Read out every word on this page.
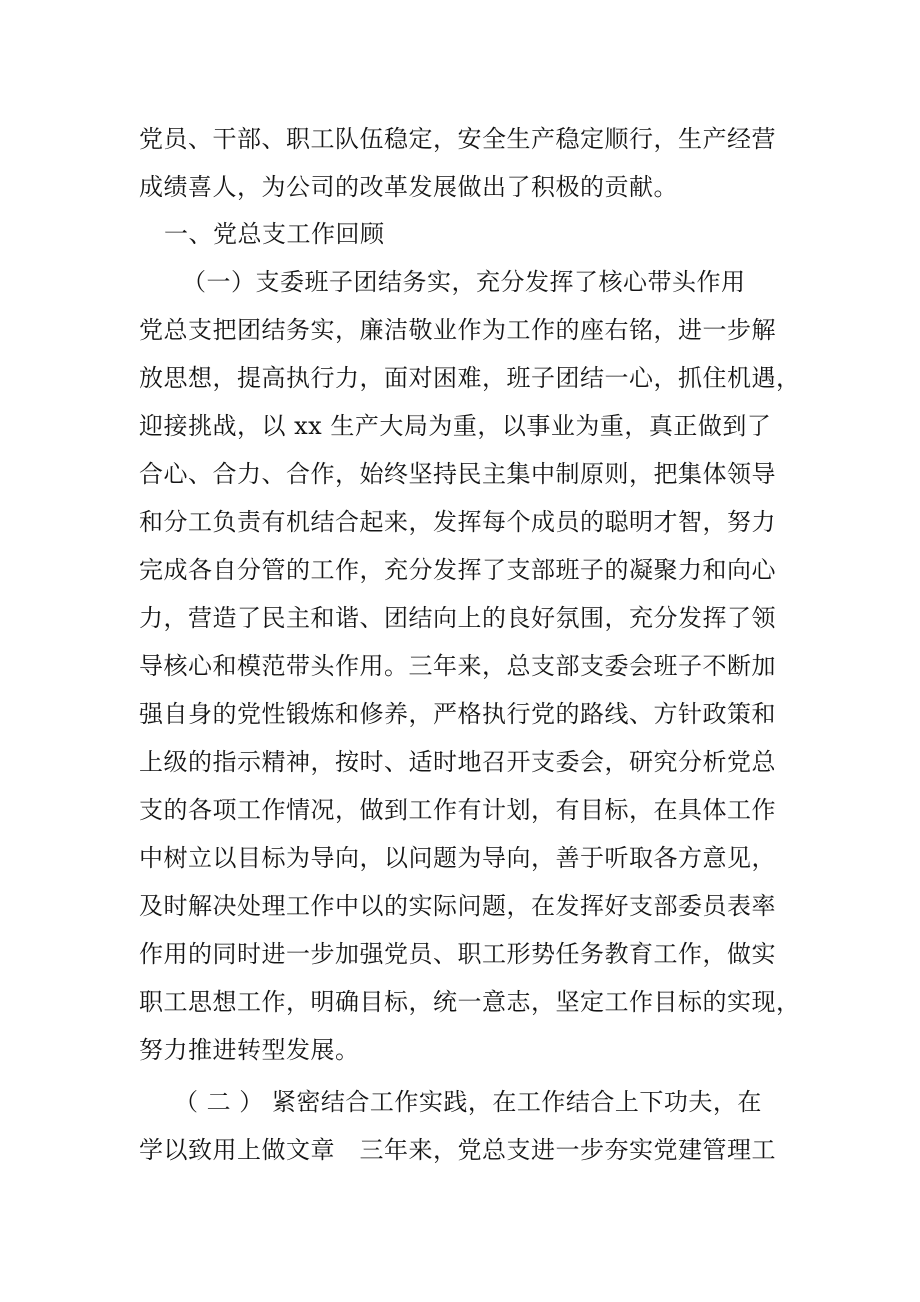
党员、干部、职工队伍稳定，安全生产稳定顺行，生产经营
成绩喜人，为公司的改革发展做出了积极的贡献。
一、党总支工作回顾
（一）支委班子团结务实，充分发挥了核心带头作用
党总支把团结务实，廉洁敬业作为工作的座右铭，进一步解
放思想，提高执行力，面对困难，班子团结一心，抓住机遇，
迎接挑战，以 xx 生产大局为重，以事业为重，真正做到了
合心、合力、合作，始终坚持民主集中制原则，把集体领导
和分工负责有机结合起来，发挥每个成员的聪明才智，努力
完成各自分管的工作，充分发挥了支部班子的凝聚力和向心
力，营造了民主和谐、团结向上的良好氛围，充分发挥了领
导核心和模范带头作用。三年来，总支部支委会班子不断加
强自身的党性锻炼和修养，严格执行党的路线、方针政策和
上级的指示精神，按时、适时地召开支委会，研究分析党总
支的各项工作情况，做到工作有计划，有目标，在具体工作
中树立以目标为导向，以问题为导向，善于听取各方意见，
及时解决处理工作中以的实际问题，在发挥好支部委员表率
作用的同时进一步加强党员、职工形势任务教育工作，做实
职工思想工作，明确目标，统一意志，坚定工作目标的实现，
努力推进转型发展。
（ 二 ） 紧密结合工作实践，在工作结合上下功夫，在
学以致用上做文章　三年来，党总支进一步夯实党建管理工
